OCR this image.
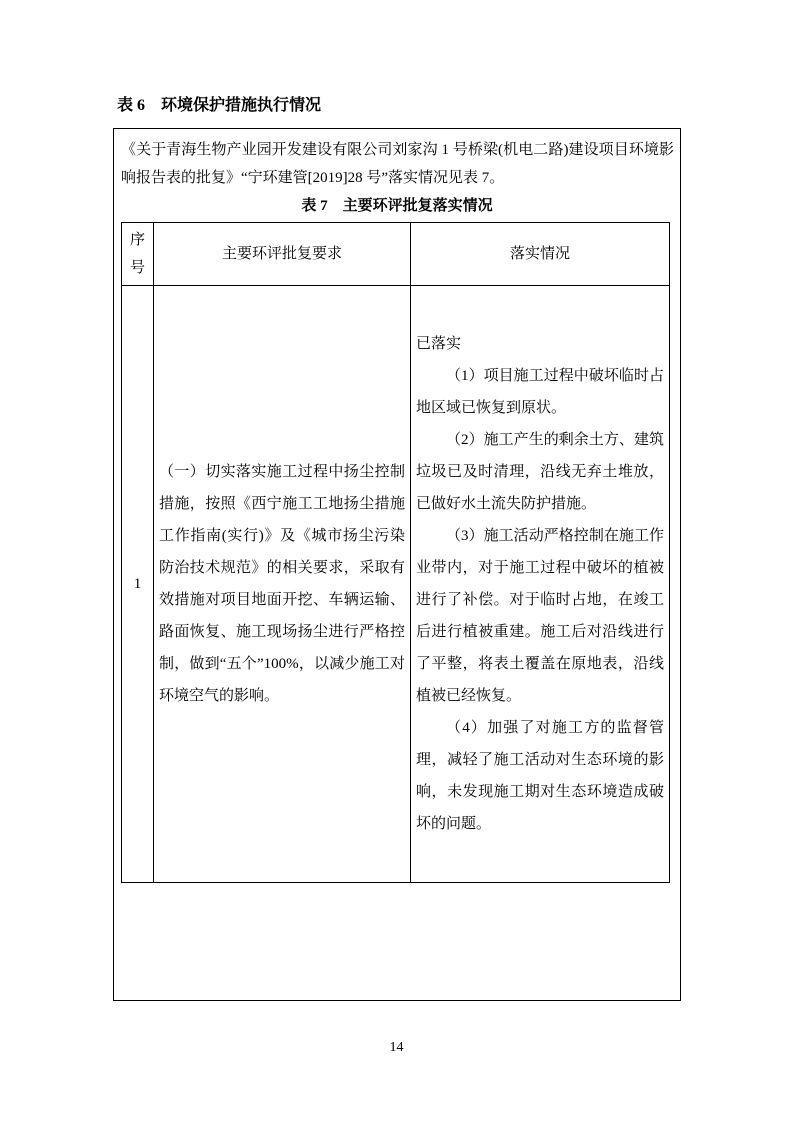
表 6　环境保护措施执行情况

《关于青海生物产业园开发建设有限公司刘家沟 1 号桥梁(机电二路)建设项目环境影响报告表的批复》“宁环建管[2019]28 号”落实情况见表 7。

表 7　主要环评批复落实情况

序号	主要环评批复要求	落实情况
1	（一）切实落实施工过程中扬尘控制措施，按照《西宁施工工地扬尘措施工作指南(实行)》及《城市扬尘污染防治技术规范》的相关要求，采取有效措施对项目地面开挖、车辆运输、路面恢复、施工现场扬尘进行严格控制，做到“五个”100%，以减少施工对环境空气的影响。	已落实

（1）项目施工过程中破坏临时占地区域已恢复到原状。

（2）施工产生的剩余土方、建筑垃圾已及时清理，沿线无弃土堆放，已做好水土流失防护措施。

（3）施工活动严格控制在施工作业带内，对于施工过程中破坏的植被进行了补偿。对于临时占地，在竣工后进行植被重建。施工后对沿线进行了平整，将表土覆盖在原地表，沿线植被已经恢复。

（4）加强了对施工方的监督管理，减轻了施工活动对生态环境的影响，未发现施工期对生态环境造成破坏的问题。

14
